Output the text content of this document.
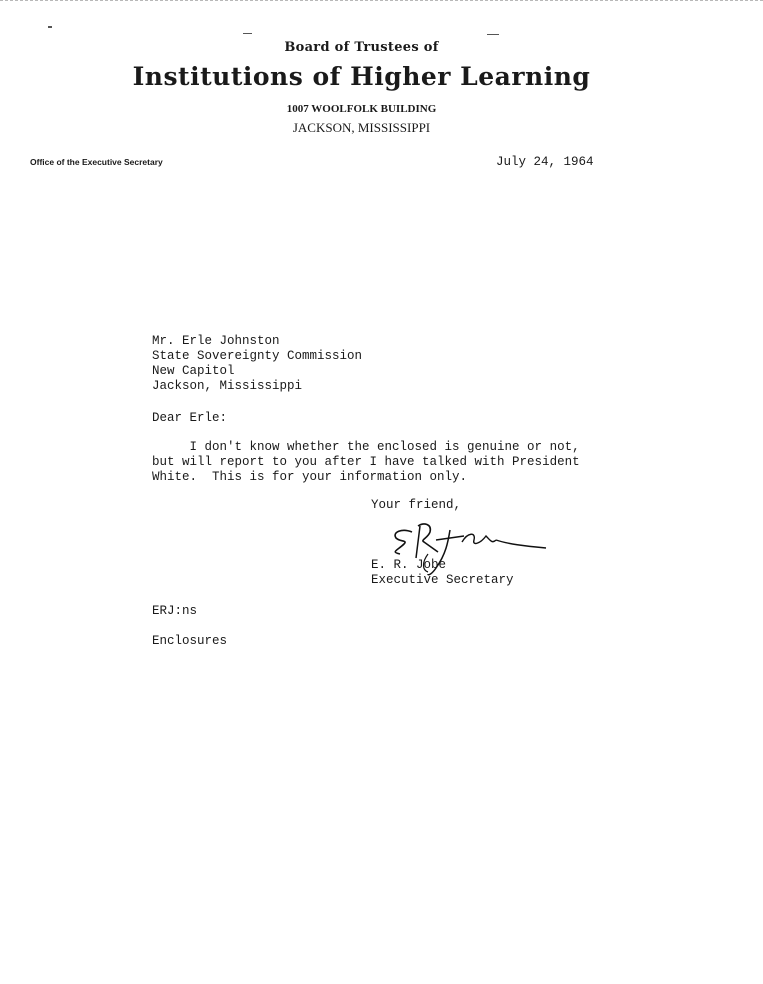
Board of Trustees of
Institutions of Higher Learning
1007 WOOLFOLK BUILDING
JACKSON, MISSISSIPPI
Office of the Executive Secretary	July 24, 1964
Mr. Erle Johnston
State Sovereignty Commission
New Capitol
Jackson, Mississippi
Dear Erle:
I don't know whether the enclosed is genuine or not,
but will report to you after I have talked with President
White.  This is for your information only.
Your friend,
E. R. Jobe
Executive Secretary
ERJ:ns
Enclosures
